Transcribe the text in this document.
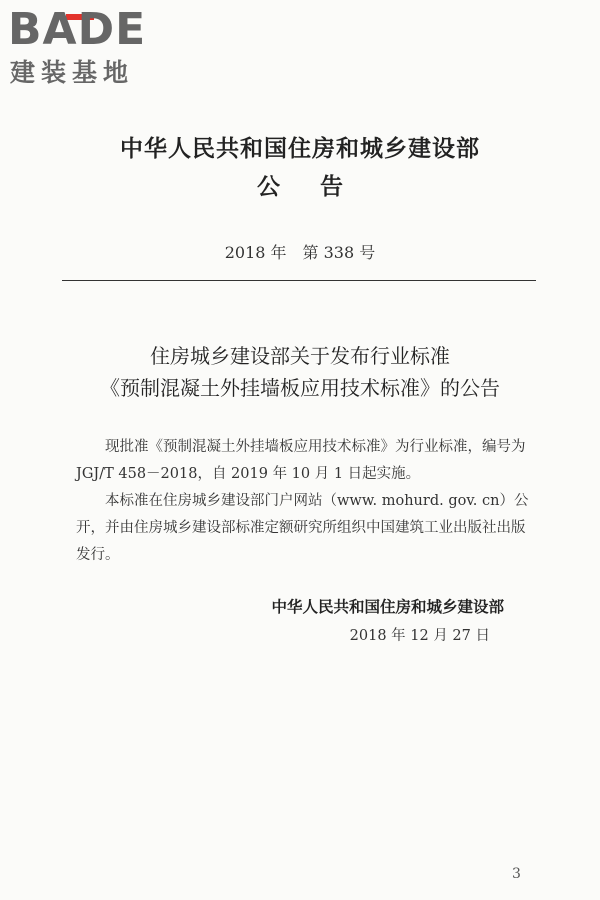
BADE
建装基地
中华人民共和国住房和城乡建设部
公告
2018 年　第 338 号
住房城乡建设部关于发布行业标准
《预制混凝土外挂墙板应用技术标准》的公告

现批准《预制混凝土外挂墙板应用技术标准》为行业标准，编号为 JGJ/T 458－2018，自 2019 年 10 月 1 日起实施。

本标准在住房城乡建设部门户网站（www. mohurd. gov. cn）公开，并由住房城乡建设部标准定额研究所组织中国建筑工业出版社出版发行。

中华人民共和国住房和城乡建设部
2018 年 12 月 27 日
3
